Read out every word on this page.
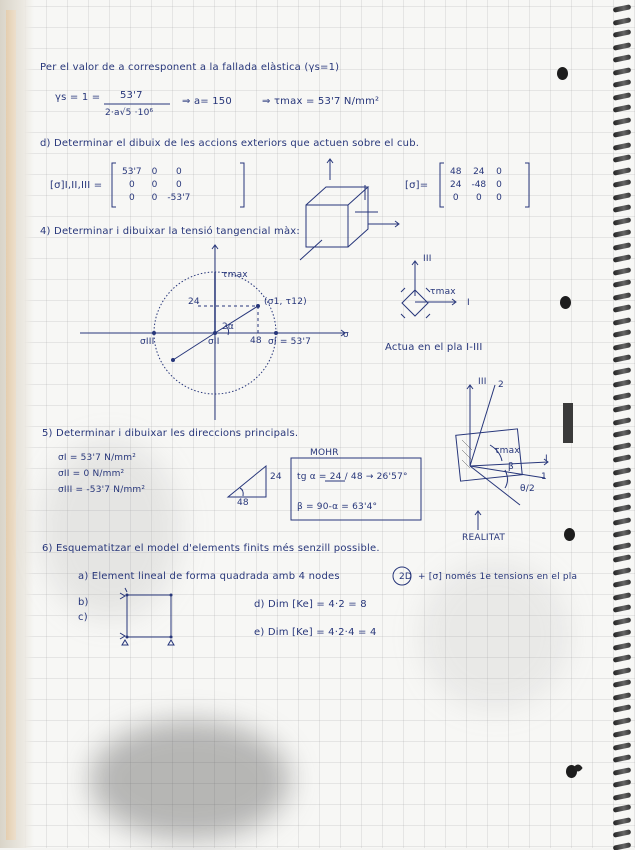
Per el valor de a corresponent a la fallada elàstica (γs=1)
γs = 1 = 53'7
2·a√5 ·10⁶
⇒ a= 150	⇒ τmax = 53'7 N/mm²
d) Determinar el dibuix de les accions exteriors que actuen sobre el cub.
[σ]I,II,III =
53'7	0	0
0	0	0
0	0	-53'7
[σ]=
48	24	0
24	-48	0
0	0	0
4) Determinar i dibuixar la tensió tangencial màx:
τmax
24	(σ1, τ12)
2α
48
σIII	σII	σI = 53'7
σ
III
I
τmax
Actua en el pla I-III
5) Determinar i dibuixar les direccions principals.
σI = 53'7 N/mm²
σII = 0 N/mm²
σIII = -53'7 N/mm²
24
48
MOHR
tg α = 24 / 48 → 26'57°
β = 90-α = 63'4°
REALITAT
III 2
I
1
τmax
β
θ/2
6) Esquematitzar el model d'elements finits més senzill possible.
a) Element lineal de forma quadrada amb 4 nodes	2D + [σ] només 1e tensions en el pla
b)
c)
d) Dim [Ke] = 4·2 = 8
e) Dim [Ke] = 4·2·4 = 4
